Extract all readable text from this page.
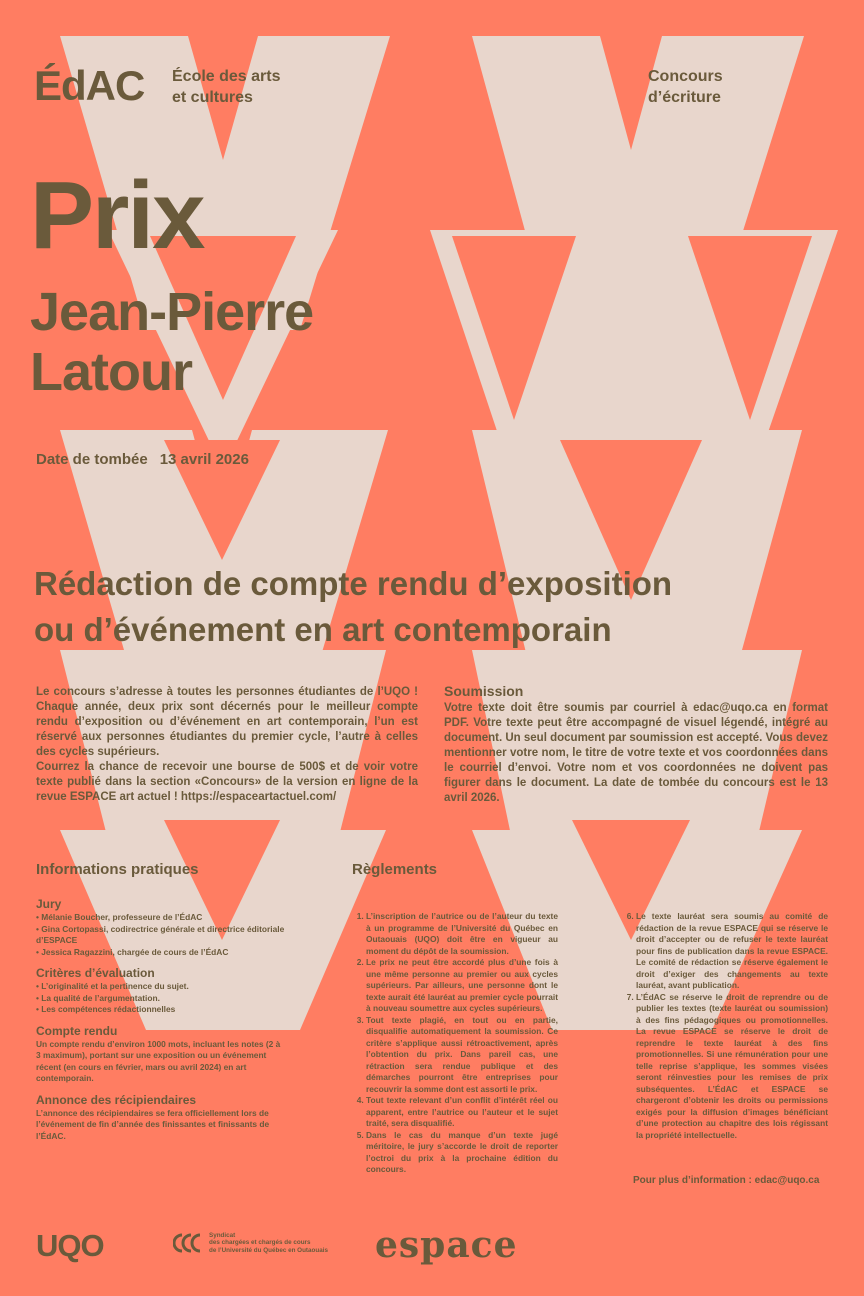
ÉdAC École des arts
et cultures
Concours
d’écriture
Prix
Jean-Pierre
Latour
Date de tombée 13 avril 2026
Rédaction de compte rendu d’exposition
ou d’événement en art contemporain
Le concours s’adresse à toutes les personnes étudiantes de l’UQO ! Chaque année, deux prix sont décernés pour le meilleur compte rendu d’exposition ou d’événement en art contemporain, l’un est réservé aux personnes étudiantes du premier cycle, l’autre à celles des cycles supérieurs.
Courrez la chance de recevoir une bourse de 500$ et de voir votre texte publié dans la section «Concours» de la version en ligne de la revue ESPACE art actuel ! https://espaceartactuel.com/
Soumission
Votre texte doit être soumis par courriel à edac@uqo.ca en format PDF. Votre texte peut être accompagné de visuel légendé, intégré au document. Un seul document par soumission est accepté. Vous devez mentionner votre nom, le titre de votre texte et vos coordonnées dans le courriel d’envoi. Votre nom et vos coordonnées ne doivent pas figurer dans le document. La date de tombée du concours est le 13 avril 2026.
Informations pratiques	Règlements
Jury
• Mélanie Boucher, professeure de l’ÉdAC
• Gina Cortopassi, codirectrice générale et directrice éditoriale d’ESPACE
• Jessica Ragazzini, chargée de cours de l’ÉdAC
Critères d’évaluation
• L’originalité et la pertinence du sujet.
• La qualité de l’argumentation.
• Les compétences rédactionnelles
Compte rendu
Un compte rendu d’environ 1000 mots, incluant les notes (2 à 3 maximum), portant sur une exposition ou un événement récent (en cours en février, mars ou avril 2024) en art contemporain.
Annonce des récipiendaires
L’annonce des récipiendaires se fera officiellement lors de l’événement de fin d’année des finissantes et finissants de l’ÉdAC.
1. L’inscription de l’autrice ou de l’auteur du texte à un programme de l’Université du Québec en Outaouais (UQO) doit être en vigueur au moment du dépôt de la soumission.
2. Le prix ne peut être accordé plus d’une fois à une même personne au premier ou aux cycles supérieurs. Par ailleurs, une personne dont le texte aurait été lauréat au premier cycle pourrait à nouveau soumettre aux cycles supérieurs.
3. Tout texte plagié, en tout ou en partie, disqualifie automatiquement la soumission. Ce critère s’applique aussi rétroactivement, après l’obtention du prix. Dans pareil cas, une rétraction sera rendue publique et des démarches pourront être entreprises pour recouvrir la somme dont est assorti le prix.
4. Tout texte relevant d’un conflit d’intérêt réel ou apparent, entre l’autrice ou l’auteur et le sujet traité, sera disqualifié.
5. Dans le cas du manque d’un texte jugé méritoire, le jury s’accorde le droit de reporter l’octroi du prix à la prochaine édition du concours.
6. Le texte lauréat sera soumis au comité de rédaction de la revue ESPACE qui se réserve le droit d’accepter ou de refuser le texte lauréat pour fins de publication dans la revue ESPACE. Le comité de rédaction se réserve également le droit d’exiger des changements au texte lauréat, avant publication.
7. L’ÉdAC se réserve le droit de reprendre ou de publier les textes (texte lauréat ou soumission) à des fins pédagogiques ou promotionnelles. La revue ESPACE se réserve le droit de reprendre le texte lauréat à des fins promotionnelles. Si une rémunération pour une telle reprise s’applique, les sommes visées seront réinvesties pour les remises de prix subséquentes. L’ÉdAC et ESPACE se chargeront d’obtenir les droits ou permissions exigés pour la diffusion d’images bénéficiant d’une protection au chapitre des lois régissant la propriété intellectuelle.
Pour plus d’information : edac@uqo.ca
UQO	Syndicat
des chargées et chargés de cours
de l’Université du Québec en Outaouais espace
